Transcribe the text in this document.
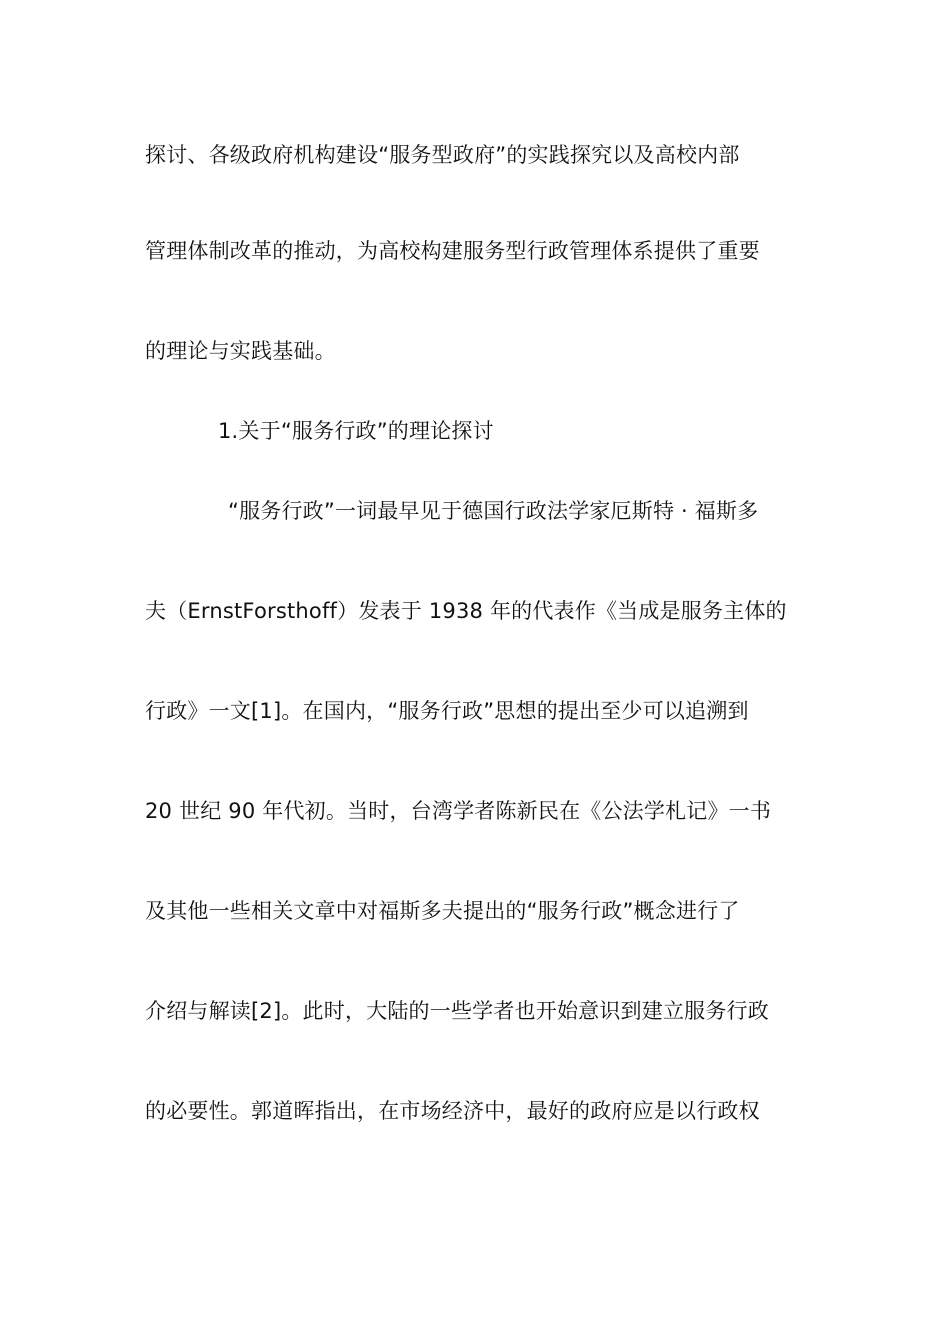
探讨、各级政府机构建设“服务型政府”的实践探究以及高校内部
管理体制改革的推动，为高校构建服务型行政管理体系提供了重要
的理论与实践基础。
1.关于“服务行政”的理论探讨
“服务行政”一词最早见于德国行政法学家厄斯特 · 福斯多
夫（ErnstForsthoff）发表于 1938 年的代表作《当成是服务主体的
行政》一文[1]。在国内，“服务行政”思想的提出至少可以追溯到
20 世纪 90 年代初。当时，台湾学者陈新民在《公法学札记》一书
及其他一些相关文章中对福斯多夫提出的“服务行政”概念进行了
介绍与解读[2]。此时，大陆的一些学者也开始意识到建立服务行政
的必要性。郭道晖指出，在市场经济中，最好的政府应是以行政权
